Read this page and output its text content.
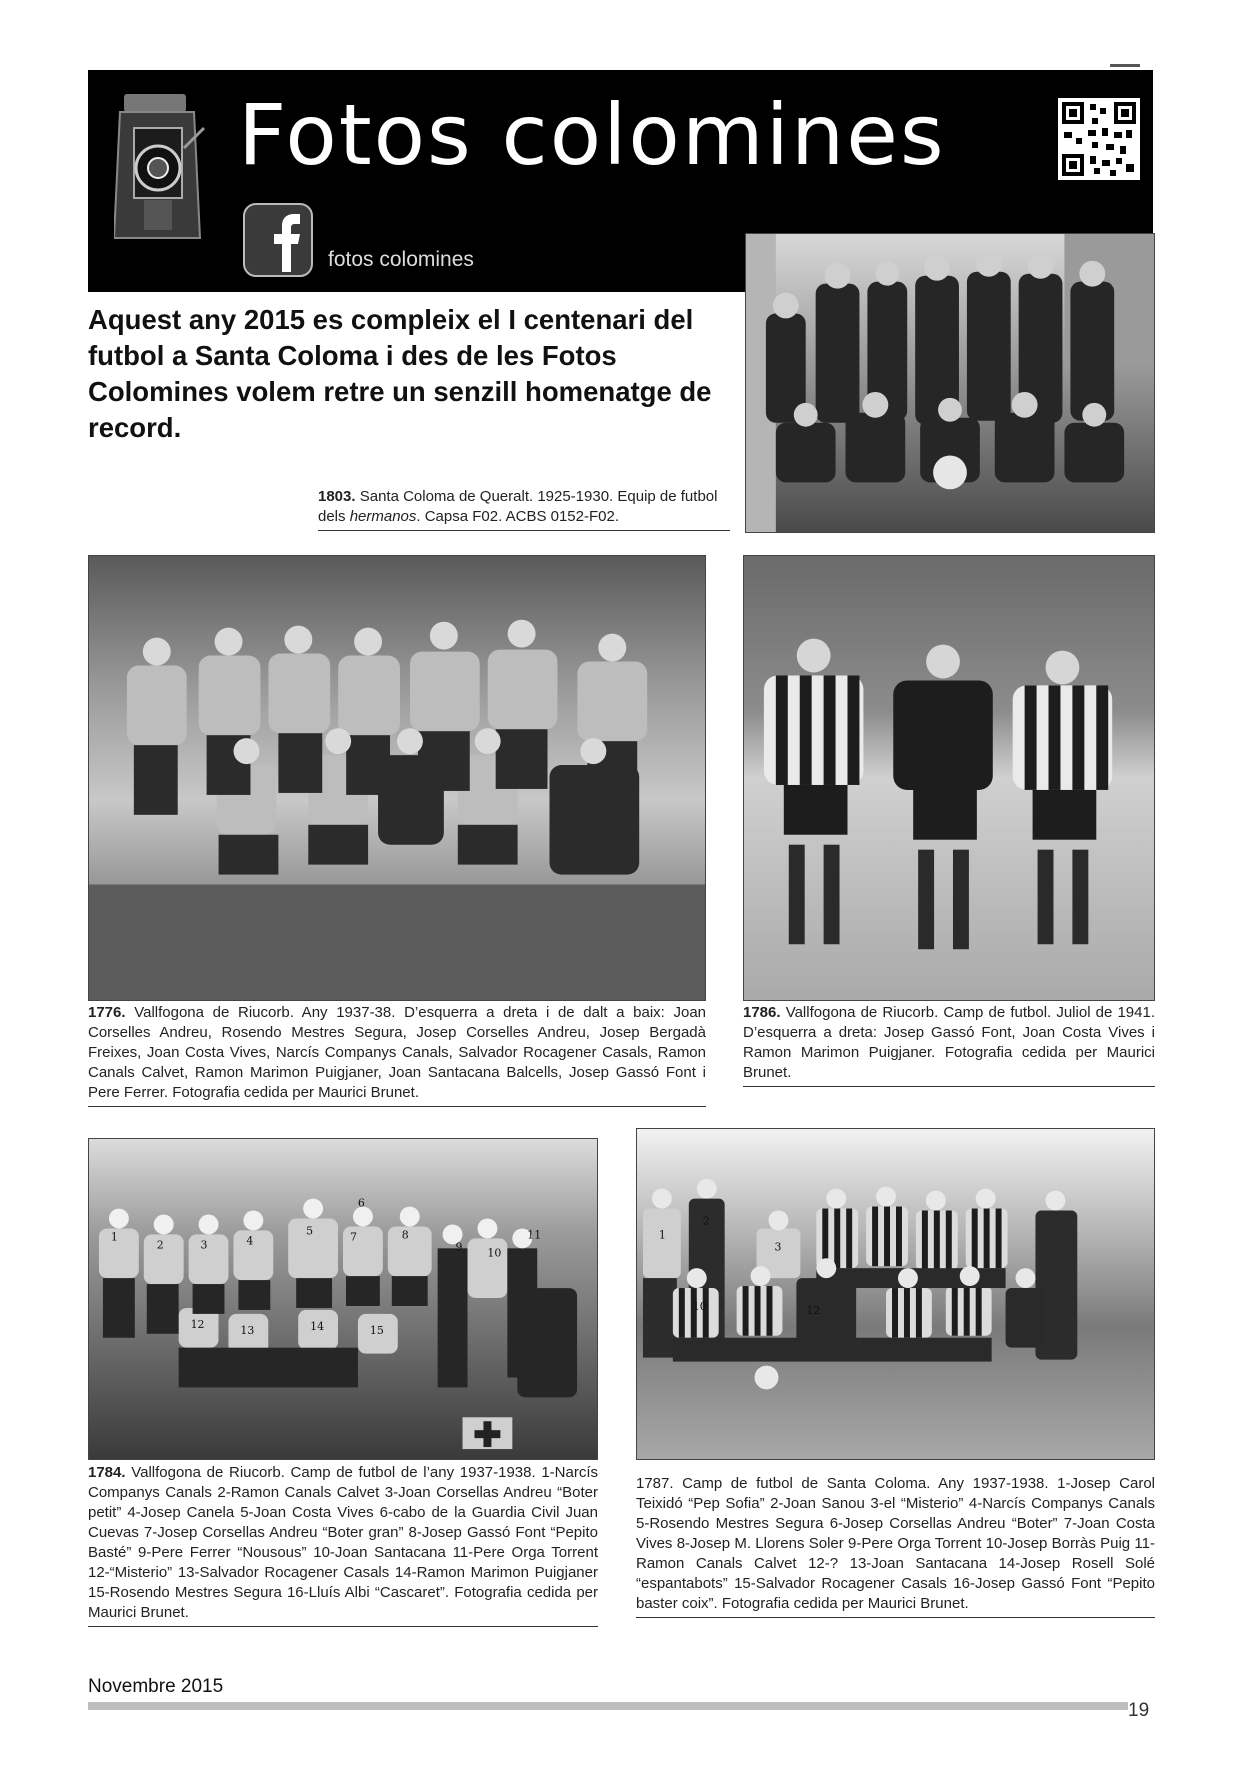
Fotos colomines
fotos colomines

Aquest any 2015 es compleix el I centenari del futbol a Santa Coloma i des de les Fotos Colomines volem retre un senzill homenatge de record.

1803. Santa Coloma de Queralt. 1925-1930. Equip de futbol dels hermanos. Capsa F02. ACBS 0152-F02.

1776. Vallfogona de Riucorb. Any 1937-38. D’esquerra a dreta i de dalt a baix: Joan Corselles Andreu, Rosendo Mestres Segura, Josep Corselles Andreu, Josep Bergadà Freixes, Joan Costa Vives, Narcís Companys Canals, Salvador Rocagener Casals, Ramon Canals Calvet, Ramon Marimon Puigjaner, Joan Santacana Balcells, Josep Gassó Font i Pere Ferrer. Fotografia cedida per Maurici Brunet.

1786. Vallfogona de Riucorb. Camp de futbol. Juliol de 1941. D’esquerra a dreta: Josep Gassó Font, Joan Costa Vives i Ramon Marimon Puigjaner. Fotografia cedida per Maurici Brunet.

1
2	3	4
5
6
7	8
9 10
11
12	13	14	15

1784. Vallfogona de Riucorb. Camp de futbol de l’any 1937-1938. 1-Narcís Companys Canals 2-Ramon Canals Calvet 3-Joan Corsellas Andreu “Boter petit” 4-Josep Canela 5-Joan Costa Vives 6-cabo de la Guardia Civil Juan Cuevas 7-Josep Corsellas Andreu “Boter gran” 8-Josep Gassó Font “Pepito Basté” 9-Pere Ferrer “Nousous” 10-Joan Santacana 11-Pere Orga Torrent 12-“Misterio” 13-Salvador Rocagener Casals 14-Ramon Marimon Puigjaner 15-Rosendo Mestres Segura 16-Lluís Albi “Cascaret”. Fotografia cedida per Maurici Brunet.

1
2
3
10	12

1787. Camp de futbol de Santa Coloma. Any 1937-1938. 1-Josep Carol Teixidó “Pep Sofia” 2-Joan Sanou 3-el “Misterio” 4-Narcís Companys Canals 5-Rosendo Mestres Segura 6-Josep Corsellas Andreu “Boter” 7-Joan Costa Vives 8-Josep M. Llorens Soler 9-Pere Orga Torrent 10-Josep Borràs Puig 11-Ramon Canals Calvet 12-? 13-Joan Santacana 14-Josep Rosell Solé “espantabots” 15-Salvador Rocagener Casals 16-Josep Gassó Font “Pepito baster coix”. Fotografia cedida per Maurici Brunet.

Novembre 2015
19
